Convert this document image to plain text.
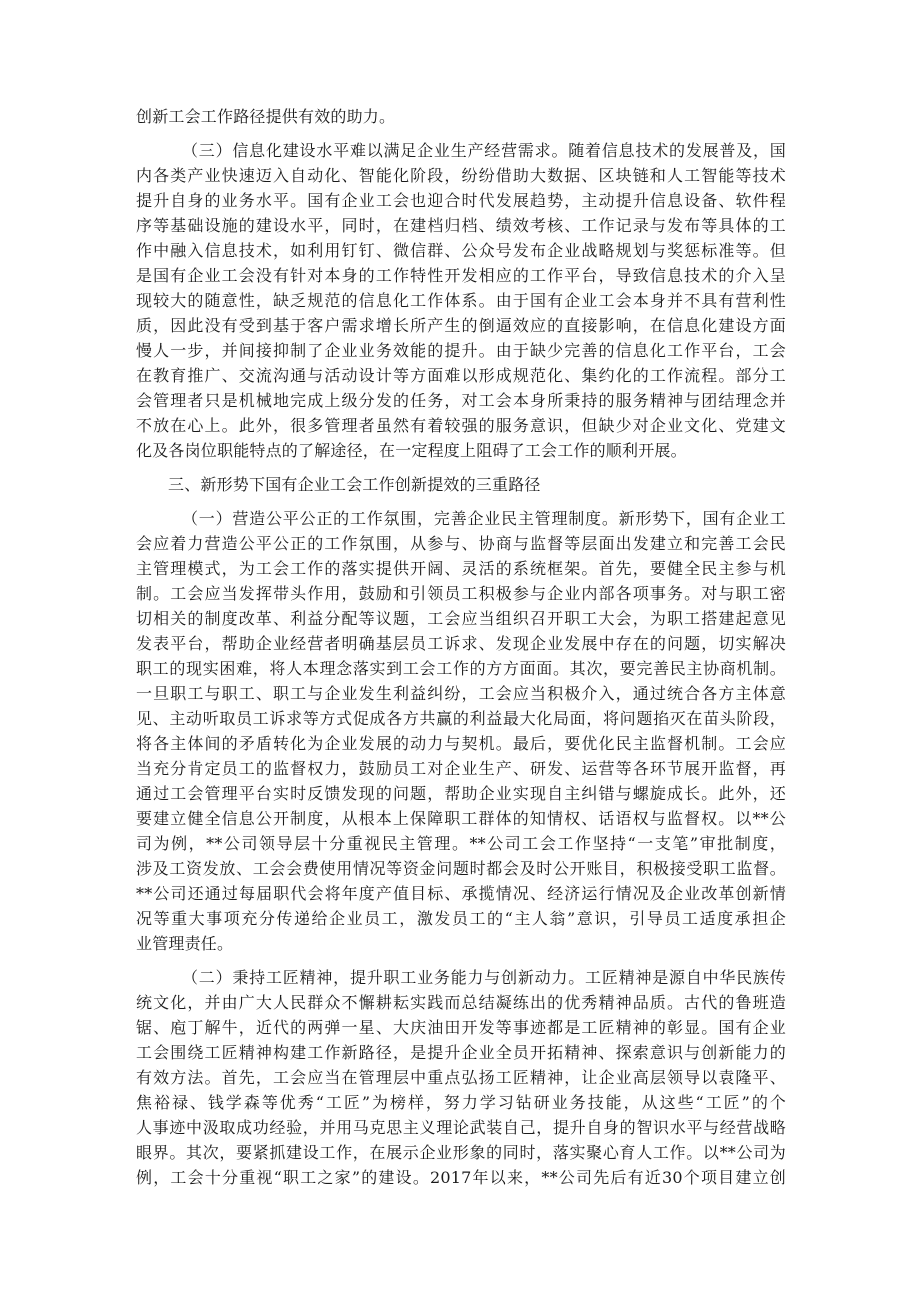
创新工会工作路径提供有效的助力。
（三）信息化建设水平难以满足企业生产经营需求。随着信息技术的发展普及，国
内各类产业快速迈入自动化、智能化阶段，纷纷借助大数据、区块链和人工智能等技术
提升自身的业务水平。国有企业工会也迎合时代发展趋势，主动提升信息设备、软件程
序等基础设施的建设水平，同时，在建档归档、绩效考核、工作记录与发布等具体的工
作中融入信息技术，如利用钉钉、微信群、公众号发布企业战略规划与奖惩标准等。但
是国有企业工会没有针对本身的工作特性开发相应的工作平台，导致信息技术的介入呈
现较大的随意性，缺乏规范的信息化工作体系。由于国有企业工会本身并不具有营利性
质，因此没有受到基于客户需求增长所产生的倒逼效应的直接影响，在信息化建设方面
慢人一步，并间接抑制了企业业务效能的提升。由于缺少完善的信息化工作平台，工会
在教育推广、交流沟通与活动设计等方面难以形成规范化、集约化的工作流程。部分工
会管理者只是机械地完成上级分发的任务，对工会本身所秉持的服务精神与团结理念并
不放在心上。此外，很多管理者虽然有着较强的服务意识，但缺少对企业文化、党建文
化及各岗位职能特点的了解途径，在一定程度上阻碍了工会工作的顺利开展。
三、新形势下国有企业工会工作创新提效的三重路径
（一）营造公平公正的工作氛围，完善企业民主管理制度。新形势下，国有企业工
会应着力营造公平公正的工作氛围，从参与、协商与监督等层面出发建立和完善工会民
主管理模式，为工会工作的落实提供开阔、灵活的系统框架。首先，要健全民主参与机
制。工会应当发挥带头作用，鼓励和引领员工积极参与企业内部各项事务。对与职工密
切相关的制度改革、利益分配等议题，工会应当组织召开职工大会，为职工搭建起意见
发表平台，帮助企业经营者明确基层员工诉求、发现企业发展中存在的问题，切实解决
职工的现实困难，将人本理念落实到工会工作的方方面面。其次，要完善民主协商机制。
一旦职工与职工、职工与企业发生利益纠纷，工会应当积极介入，通过统合各方主体意
见、主动听取员工诉求等方式促成各方共赢的利益最大化局面，将问题掐灭在苗头阶段，
将各主体间的矛盾转化为企业发展的动力与契机。最后，要优化民主监督机制。工会应
当充分肯定员工的监督权力，鼓励员工对企业生产、研发、运营等各环节展开监督，再
通过工会管理平台实时反馈发现的问题，帮助企业实现自主纠错与螺旋成长。此外，还
要建立健全信息公开制度，从根本上保障职工群体的知情权、话语权与监督权。以**公
司为例，**公司领导层十分重视民主管理。**公司工会工作坚持“一支笔”审批制度，
涉及工资发放、工会会费使用情况等资金问题时都会及时公开账目，积极接受职工监督。
**公司还通过每届职代会将年度产值目标、承揽情况、经济运行情况及企业改革创新情
况等重大事项充分传递给企业员工，激发员工的“主人翁”意识，引导员工适度承担企
业管理责任。
（二）秉持工匠精神，提升职工业务能力与创新动力。工匠精神是源自中华民族传
统文化，并由广大人民群众不懈耕耘实践而总结凝练出的优秀精神品质。古代的鲁班造
锯、庖丁解牛，近代的两弹一星、大庆油田开发等事迹都是工匠精神的彰显。国有企业
工会围绕工匠精神构建工作新路径，是提升企业全员开拓精神、探索意识与创新能力的
有效方法。首先，工会应当在管理层中重点弘扬工匠精神，让企业高层领导以袁隆平、
焦裕禄、钱学森等优秀“工匠”为榜样，努力学习钻研业务技能，从这些“工匠”的个
人事迹中汲取成功经验，并用马克思主义理论武装自己，提升自身的智识水平与经营战略
眼界。其次，要紧抓建设工作，在展示企业形象的同时，落实聚心育人工作。以**公司为
例，工会十分重视“职工之家”的建设。2017年以来，**公司先后有近30个项目建立创
